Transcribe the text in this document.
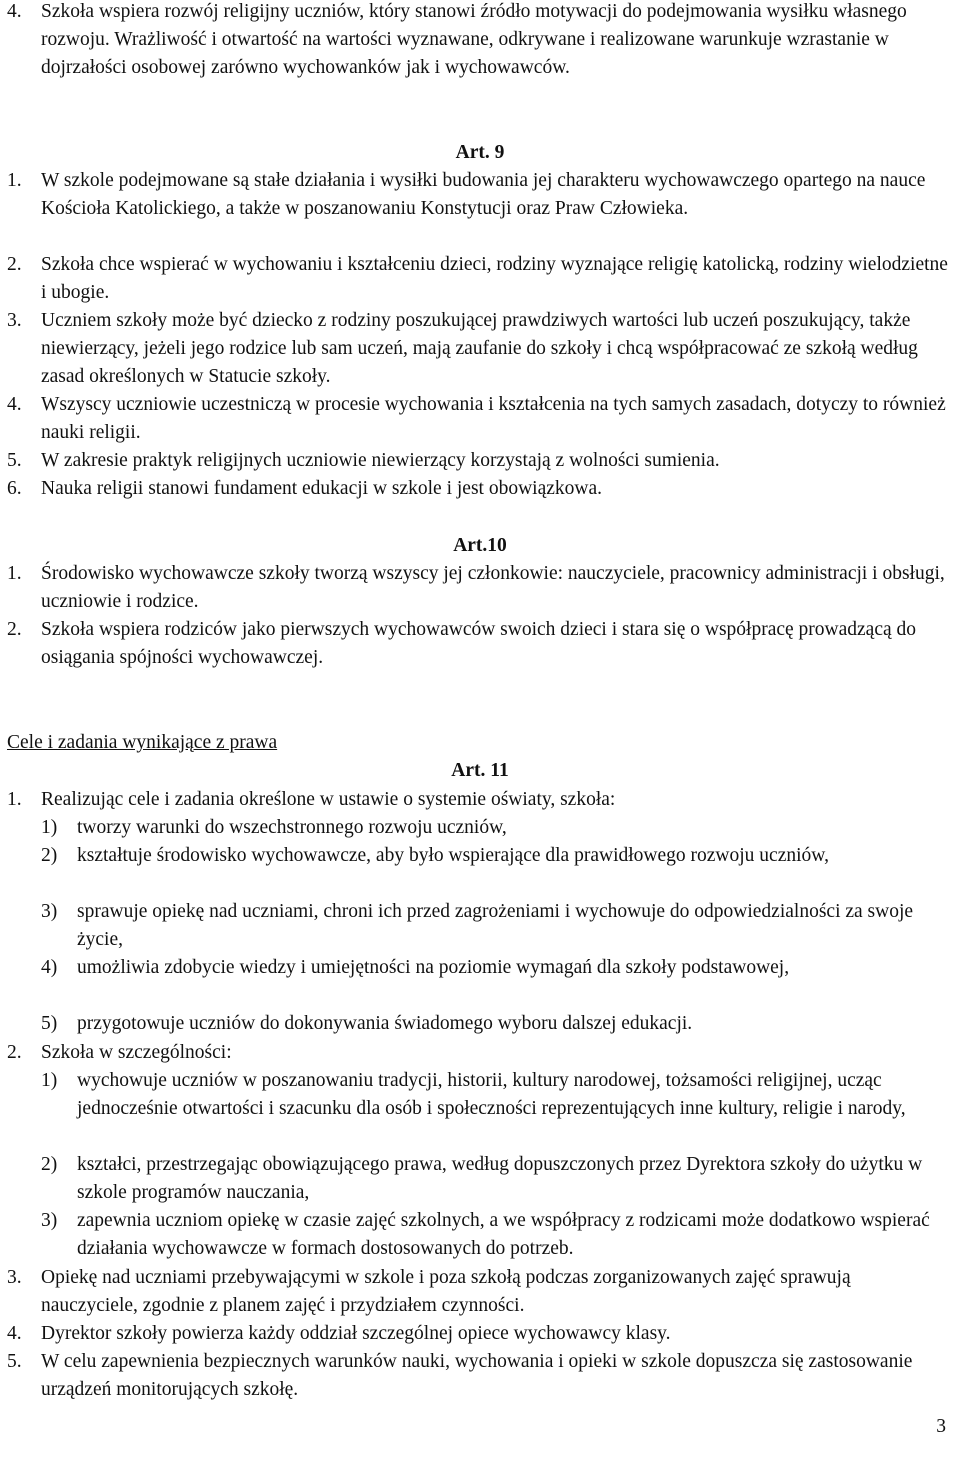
4. Szkoła wspiera rozwój religijny uczniów, który stanowi źródło motywacji do podejmowania wysiłku własnego rozwoju. Wrażliwość i otwartość na wartości wyznawane, odkrywane i realizowane warunkuje wzrastanie w dojrzałości osobowej zarówno wychowanków jak i wychowawców.
Art. 9
1. W szkole podejmowane są stałe działania i wysiłki budowania jej charakteru wychowawczego opartego na nauce Kościoła Katolickiego, a także w poszanowaniu Konstytucji oraz Praw Człowieka.
2. Szkoła chce wspierać w wychowaniu i kształceniu dzieci, rodziny wyznające religię katolicką, rodziny wielodzietne i ubogie.
3. Uczniem szkoły może być dziecko z rodziny poszukującej prawdziwych wartości lub uczeń poszukujący, także niewierzący, jeżeli jego rodzice lub sam uczeń, mają zaufanie do szkoły i chcą współpracować ze szkołą według zasad określonych w Statucie szkoły.
4. Wszyscy uczniowie uczestniczą w procesie wychowania i kształcenia na tych samych zasadach, dotyczy to również nauki religii.
5. W zakresie praktyk religijnych uczniowie niewierzący korzystają z wolności sumienia.
6. Nauka religii stanowi fundament edukacji w szkole i jest obowiązkowa.
Art.10
1. Środowisko wychowawcze szkoły tworzą wszyscy jej członkowie: nauczyciele, pracownicy administracji i obsługi, uczniowie i rodzice.
2. Szkoła wspiera rodziców jako pierwszych wychowawców swoich dzieci i stara się o współpracę prowadzącą do osiągania spójności wychowawczej.
Cele i zadania wynikające z prawa
Art. 11
1. Realizując cele i zadania określone w ustawie o systemie oświaty, szkoła:
1) tworzy warunki do wszechstronnego rozwoju uczniów,
2) kształtuje środowisko wychowawcze, aby było wspierające dla prawidłowego rozwoju uczniów,
3) sprawuje opiekę nad uczniami, chroni ich przed zagrożeniami i wychowuje do odpowiedzialności za swoje życie,
4) umożliwia zdobycie wiedzy i umiejętności na poziomie wymagań dla szkoły podstawowej,
5) przygotowuje uczniów do dokonywania świadomego wyboru dalszej edukacji.
2. Szkoła w szczególności:
1) wychowuje uczniów w poszanowaniu tradycji, historii, kultury narodowej, tożsamości religijnej, ucząc jednocześnie otwartości i szacunku dla osób i społeczności reprezentujących inne kultury, religie i narody,
2) kształci, przestrzegając obowiązującego prawa, według dopuszczonych przez Dyrektora szkoły do użytku w szkole programów nauczania,
3) zapewnia uczniom opiekę w czasie zajęć szkolnych, a we współpracy z rodzicami może dodatkowo wspierać działania wychowawcze w formach dostosowanych do potrzeb.
3. Opiekę nad uczniami przebywającymi w szkole i poza szkołą podczas zorganizowanych zajęć sprawują nauczyciele, zgodnie z planem zajęć i przydziałem czynności.
4. Dyrektor szkoły powierza każdy oddział szczególnej opiece wychowawcy klasy.
5. W celu zapewnienia bezpiecznych warunków nauki, wychowania i opieki w szkole dopuszcza się zastosowanie urządzeń monitorujących szkołę.
3
